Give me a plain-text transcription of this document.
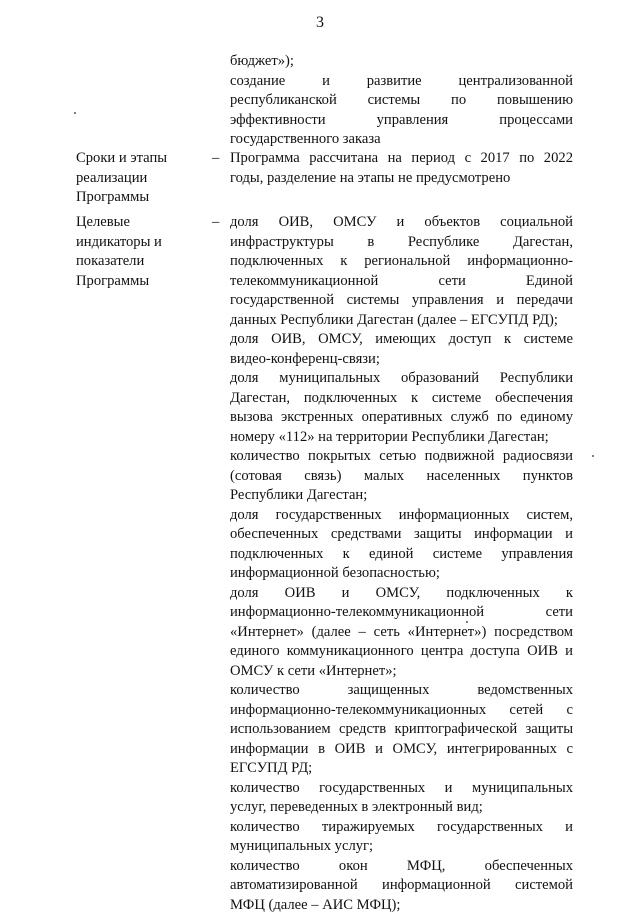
3

бюджет»);

создание и развитие централизованной

республиканской системы по повышению

эффективности управления процессами

государственного заказа

Сроки и этапы
реализации
Программы
– Программа рассчитана на период с 2017 по 2022

годы, разделение на этапы не предусмотрено

Целевые
индикаторы и
показатели
Программы
– доля ОИВ, ОМСУ и объектов социальной
инфраструктуры в Республике Дагестан,
подключенных к региональной информационно-
телекоммуникационной сети Единой
государственной системы управления и передачи
данных Республики Дагестан (далее – ЕГСУПД РД);
доля ОИВ, ОМСУ, имеющих доступ к системе
видео-конференц-связи;
доля муниципальных образований Республики
Дагестан, подключенных к системе обеспечения
вызова экстренных оперативных служб по единому
номеру «112» на территории Республики Дагестан;
количество покрытых сетью подвижной радиосвязи
(сотовая связь) малых населенных пунктов
Республики Дагестан;
доля государственных информационных систем,
обеспеченных средствами защиты информации и
подключенных к единой системе управления
информационной безопасностью;
доля ОИВ и ОМСУ, подключенных к
информационно-телекоммуникационной сети
«Интернет» (далее – сеть «Интернет») посредством
единого коммуникационного центра доступа ОИВ и
ОМСУ к сети «Интернет»;
количество защищенных ведомственных
информационно-телекоммуникационных сетей с
использованием средств криптографической защиты
информации в ОИВ и ОМСУ, интегрированных с
ЕГСУПД РД;
количество государственных и муниципальных
услуг, переведенных в электронный вид;
количество тиражируемых государственных и
муниципальных услуг;
количество окон МФЦ, обеспеченных
автоматизированной информационной системой
МФЦ (далее – АИС МФЦ);
